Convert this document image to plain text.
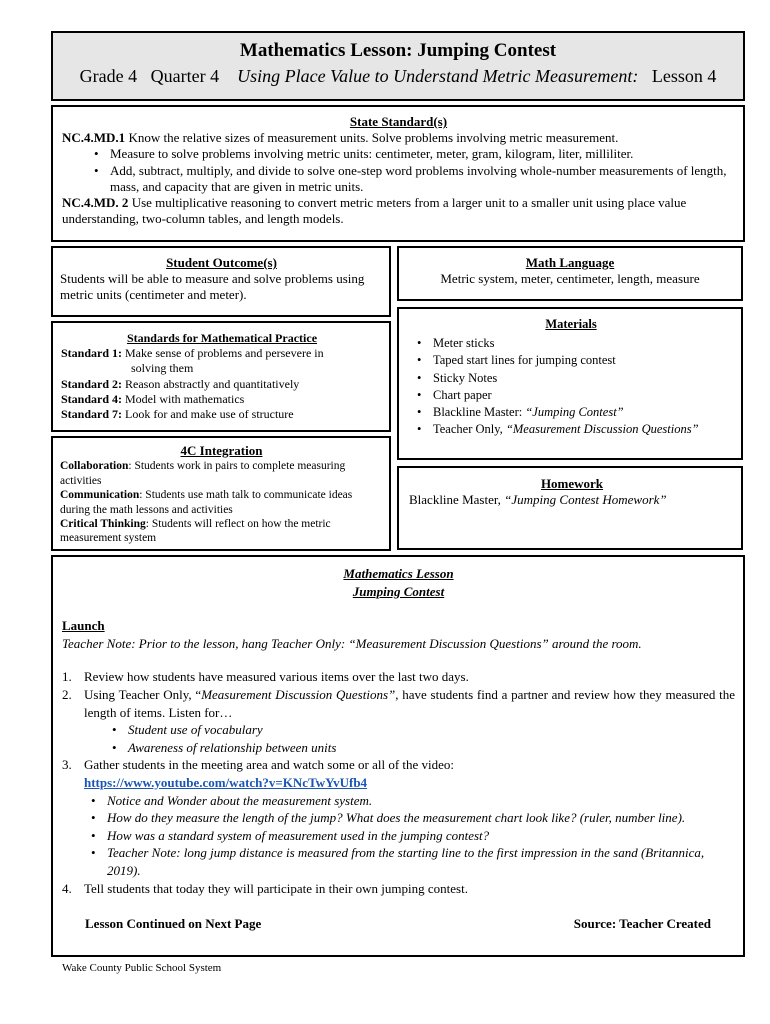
Mathematics Lesson: Jumping Contest

Grade 4 Quarter 4 Using Place Value to Understand Metric Measurement: Lesson 4

State Standard(s)

NC.4.MD.1 Know the relative sizes of measurement units. Solve problems involving metric measurement.

• Measure to solve problems involving metric units: centimeter, meter, gram, kilogram, liter, milliliter.
• Add, subtract, multiply, and divide to solve one-step word problems involving whole-number measurements of length, mass, and capacity that are given in metric units.

NC.4.MD. 2 Use multiplicative reasoning to convert metric meters from a larger unit to a smaller unit using place value understanding, two-column tables, and length models.

Student Outcome(s)

Students will be able to measure and solve problems using metric units (centimeter and meter).

Math Language

Metric system, meter, centimeter, length, measure

Standards for Mathematical Practice

Standard 1: Make sense of problems and persevere in

solving them

Standard 2: Reason abstractly and quantitatively

Standard 4: Model with mathematics

Standard 7: Look for and make use of structure

Materials

• Meter sticks
• Taped start lines for jumping contest
• Sticky Notes
• Chart paper
• Blackline Master: “Jumping Contest”
• Teacher Only, “Measurement Discussion Questions”

4C Integration

Collaboration: Students work in pairs to complete measuring activities

Communication: Students use math talk to communicate ideas during the math lessons and activities

Critical Thinking: Students will reflect on how the metric measurement system

Homework

Blackline Master, “Jumping Contest Homework”

Mathematics Lesson

Jumping Contest

Launch

Teacher Note: Prior to the lesson, hang Teacher Only: “Measurement Discussion Questions” around the room.

1. Review how students have measured various items over the last two days.
2. Using Teacher Only, “Measurement Discussion Questions”, have students find a partner and review how they measured the length of items. Listen for…
• Student use of vocabulary
• Awareness of relationship between units
3. Gather students in the meeting area and watch some or all of the video:
https://www.youtube.com/watch?v=KNcTwYvUfb4
• Notice and Wonder about the measurement system.
• How do they measure the length of the jump? What does the measurement chart look like? (ruler, number line).
• How was a standard system of measurement used in the jumping contest?
• Teacher Note: long jump distance is measured from the starting line to the first impression in the sand (Britannica, 2019).
4. Tell students that today they will participate in their own jumping contest.
Lesson Continued on Next Page	Source: Teacher Created
Wake County Public School System
